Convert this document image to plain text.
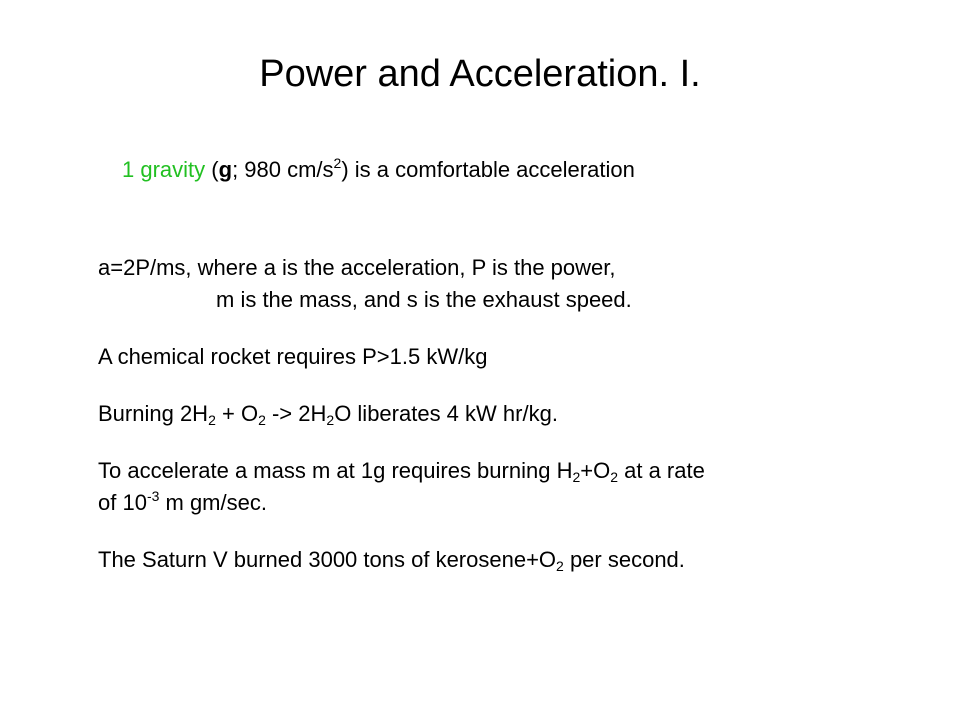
Power and Acceleration. I.
1 gravity (g; 980 $cm/s^2$) is a comfortable acceleration
a=2P/ms, where a is the acceleration, P is the power,
m is the mass, and s is the exhaust speed.
A chemical rocket requires P>1.5 kW/kg
Burning $2H_2 + O_2 -> 2H_2O$ liberates 4 kW hr/kg.
To accelerate a mass m at 1g requires burning $H_2+O_2$ at a rate
of $10^{-3}$ m gm/sec.
The Saturn V burned 3000 tons of $kerosene+O_2$ per second.
